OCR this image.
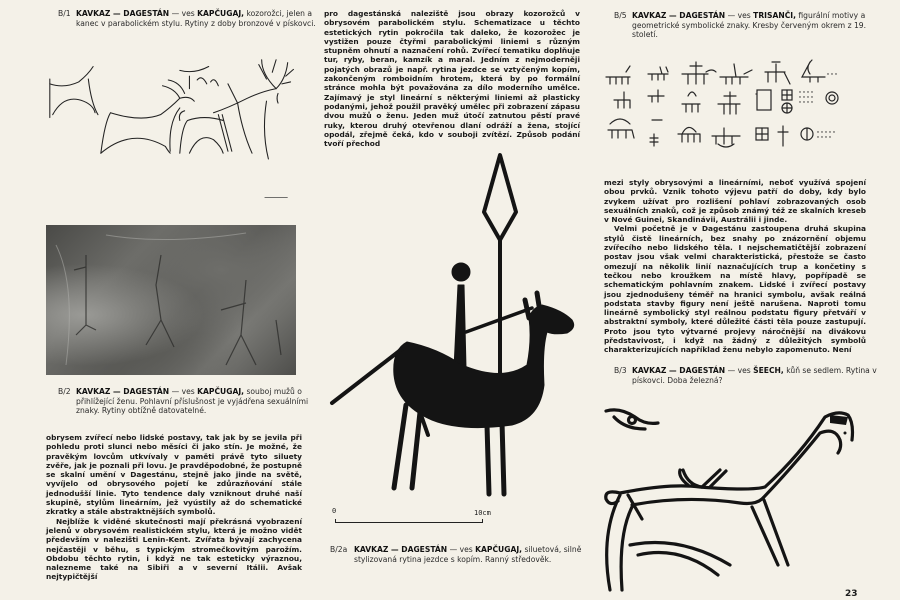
B/1 KAVKAZ — DAGESTÁN — ves KAPČUGAJ, kozorožci, jelen a kanec v parabolickém stylu. Rytiny z doby bronzové v pískovci.
B/2 KAVKAZ — DAGESTÁN — ves KAPČUGAJ, souboj mužů o přihlížející ženu. Pohlavní příslušnost je vyjádřena sexuálními znaky. Rytiny obtížně datovatelné.

obrysem zvířecí nebo lidské postavy, tak jak by se jevila při pohledu proti slunci nebo měsíci či jako stín. Je možné, že pravěkým lovcům utkvívaly v paměti právě tyto siluety zvěře, jak je poznali při lovu. Je pravděpodobné, že postupně se skalní umění v Dagestánu, stejně jako jinde na světě, vyvíjelo od obrysového pojetí ke zdůrazňování stále jednodušší linie. Tyto tendence daly vzniknout druhé naší skupině, stylům lineárním, jež vyústily až do schematické zkratky a stále abstraktnějších symbolů.

Nejblíže k viděné skutečnosti mají překrásná vyobrazení jelenů v obrysovém realistickém stylu, která je možno vidět především v nalezišti Lenin-Kent. Zvířata bývají zachycena nejčastěji v běhu, s typickým stromečkovitým parožím. Obdobu těchto rytin, i když ne tak esteticky výraznou, nalezneme také na Sibiři a v severní Itálii. Avšak nejtypičtější

pro dagestánská naleziště jsou obrazy kozorožců v obrysovém parabolickém stylu. Schematizace u těchto estetických rytin pokročila tak daleko, že kozorožec je vystižen pouze čtyřmi parabolickými liniemi s různým stupněm ohnutí a naznačení rohů. Zvířecí tematiku doplňuje tur, ryby, beran, kamzík a maral. Jedním z nejmoderněji pojatých obrazů je např. rytina jezdce se vztyčeným kopím, zakončeným romboidním hrotem, která by po formální stránce mohla být považována za dílo moderního umělce. Zajímavý je styl lineární s některými liniemi až plasticky podanými, jehož použil pravěký umělec při zobrazení zápasu dvou mužů o ženu. Jeden muž útočí zatnutou pěstí pravé ruky, kterou druhý otevřenou dlaní odráží a žena, stojící opodál, zřejmě čeká, kdo v souboji zvítězí. Způsob podání tvoří přechod

0	10cm
B/2a KAVKAZ — DAGESTÁN — ves KAPČUGAJ, siluetová, silně stylizovaná rytina jezdce s kopím. Ranný středověk.
B/5 KAVKAZ — DAGESTÁN — ves TRISANČI, figurální motivy a geometrické symbolické znaky. Kresby červeným okrem z 19. století.

mezi styly obrysovými a lineárními, neboť využívá spojení obou prvků. Vznik tohoto výjevu patří do doby, kdy bylo zvykem užívat pro rozlišení pohlaví zobrazovaných osob sexuálních znaků, což je způsob známý též ze skalních kreseb v Nové Guinei, Skandinávii, Austrálii i jinde.

Velmi početně je v Dagestánu zastoupena druhá skupina stylů čistě lineárních, bez snahy po znázornění objemu zvířecího nebo lidského těla. I nejschematičtější zobrazení postav jsou však velmi charakteristická, přestože se často omezují na několik linií naznačujících trup a končetiny s tečkou nebo kroužkem na místě hlavy, popřípadě se schematickým pohlavním znakem. Lidské i zvířecí postavy jsou zjednodušeny téměř na hranici symbolu, avšak reálná podstata stavby figury není ještě narušena. Naproti tomu lineárně symbolický styl reálnou podstatu figury přetváří v abstraktní symboly, které důležité části těla pouze zastupují. Proto jsou tyto výtvarné projevy náročnější na divákovu představivost, i když na žádný z důležitých symbolů charakterizujících například ženu nebylo zapomenuto. Není

B/3 KAVKAZ — DAGESTÁN — ves ŠEECH, kůň se sedlem. Rytina v pískovci. Doba železná?
23
